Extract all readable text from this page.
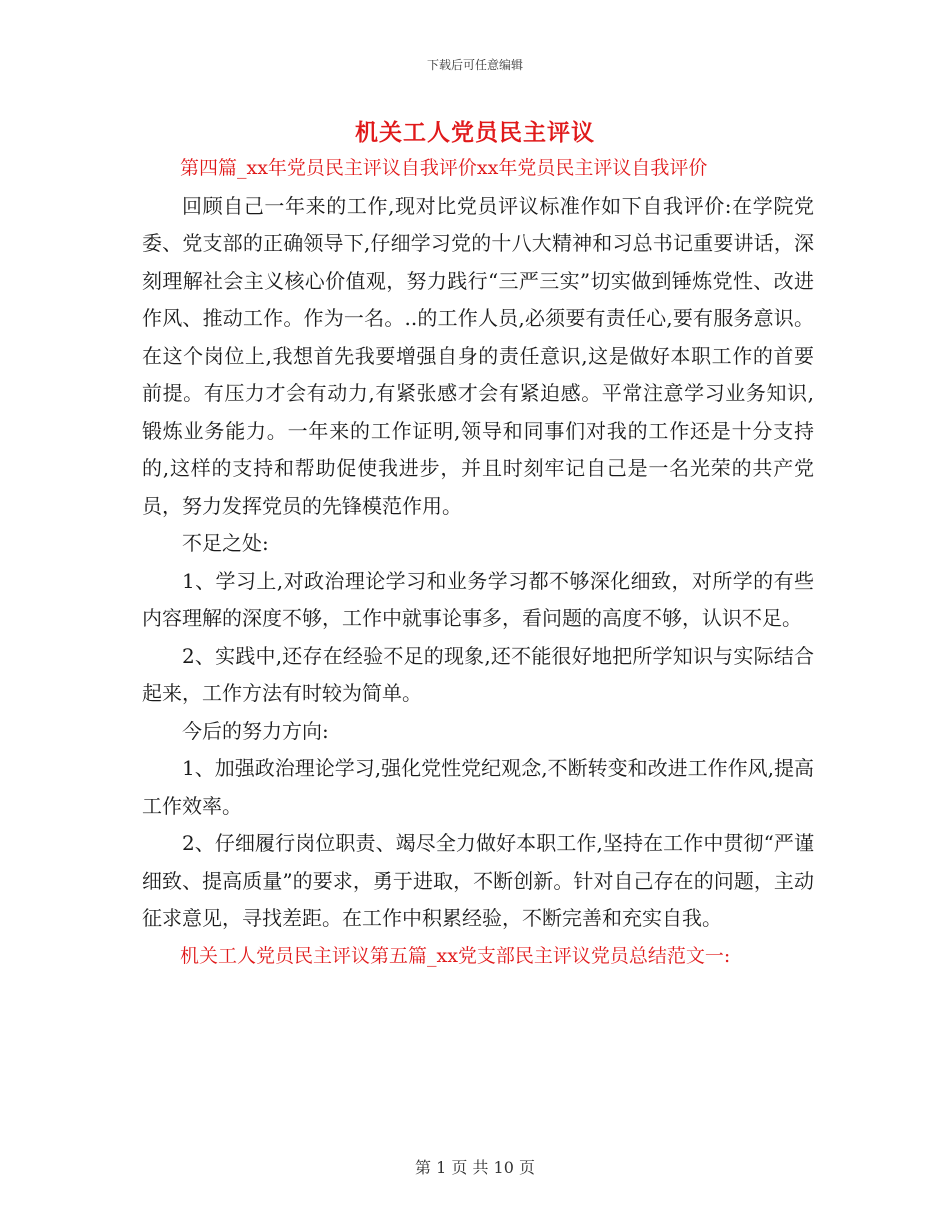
下载后可任意编辑
机关工人党员民主评议

第四篇_xx年党员民主评议自我评价xx年党员民主评议自我评价

回顾自己一年来的工作,现对比党员评议标准作如下自我评价:在学院党委、党支部的正确领导下,仔细学习党的十八大精神和习总书记重要讲话，深刻理解社会主义核心价值观，努力践行“三严三实”切实做到锤炼党性、改进作风、推动工作。作为一名。..的工作人员,必须要有责任心,要有服务意识。在这个岗位上,我想首先我要增强自身的责任意识,这是做好本职工作的首要前提。有压力才会有动力,有紧张感才会有紧迫感。平常注意学习业务知识,锻炼业务能力。一年来的工作证明,领导和同事们对我的工作还是十分支持的,这样的支持和帮助促使我进步，并且时刻牢记自己是一名光荣的共产党员，努力发挥党员的先锋模范作用。

不足之处:

1、学习上,对政治理论学习和业务学习都不够深化细致，对所学的有些内容理解的深度不够，工作中就事论事多，看问题的高度不够，认识不足。

2、实践中,还存在经验不足的现象,还不能很好地把所学知识与实际结合起来，工作方法有时较为简单。

今后的努力方向:

1、加强政治理论学习,强化党性党纪观念,不断转变和改进工作作风,提高工作效率。

2、仔细履行岗位职责、竭尽全力做好本职工作,坚持在工作中贯彻“严谨细致、提高质量”的要求，勇于进取，不断创新。针对自己存在的问题，主动征求意见，寻找差距。在工作中积累经验，不断完善和充实自我。

机关工人党员民主评议第五篇_xx党支部民主评议党员总结范文一:

第 1 页 共 10 页
